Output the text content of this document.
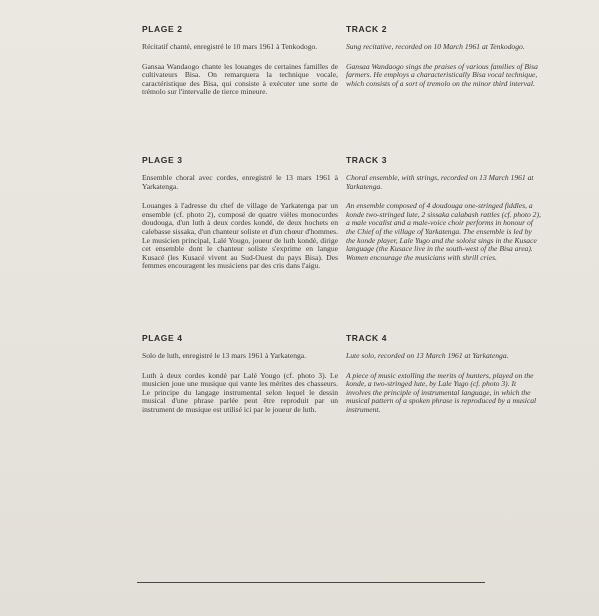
PLAGE 2

Récitatif chanté, enregistré le 10 mars 1961 à Tenkodogo.

Gansaa Wandaogo chante les louanges de certaines familles de cultivateurs Bisa. On remarquera la technique vocale, caractéristique des Bisa, qui consiste à exécuter une sorte de trémolo sur l'intervalle de tierce mineure.

TRACK 2

Sung recitative, recorded on 10 March 1961 at Tenkodogo.

Gansaa Wandaogo sings the praises of various families of Bisa farmers. He employs a characteristically Bisa vocal technique, which consists of a sort of tremolo on the minor third interval.

PLAGE 3

Ensemble choral avec cordes, enregistré le 13 mars 1961 à Yarkatenga.

Louanges à l'adresse du chef de village de Yarkatenga par un ensemble (cf. photo 2), composé de quatre vièles monocordes doudouga, d'un luth à deux cordes kondé, de deux hochets en calebasse sissaka, d'un chanteur soliste et d'un chœur d'hommes. Le musicien principal, Lalé Yougo, joueur de luth kondé, dirige cet ensemble dont le chanteur soliste s'exprime en langue Kusacé (les Kusacé vivent au Sud-Ouest du pays Bisa). Des femmes encouragent les musiciens par des cris dans l'aigu.

TRACK 3

Choral ensemble, with strings, recorded on 13 March 1961 at Yarkatenga.

An ensemble composed of 4 doudouga one-stringed fiddles, a konde two-stringed lute, 2 sissaka calabash rattles (cf. photo 2), a male vocalist and a male-voice choir performs in honour of the Chief of the village of Yarkatenga. The ensemble is led by the konde player, Lale Yugo and the soloist sings in the Kusace language (the Kusace live in the south-west of the Bisa area). Women encourage the musicians with shrill cries.

PLAGE 4

Solo de luth, enregistré le 13 mars 1961 à Yarkatenga.

Luth à deux cordes kondé par Lalé Yougo (cf. photo 3). Le musicien joue une musique qui vante les mérites des chasseurs. Le principe du langage instrumental selon lequel le dessin musical d'une phrase parlée peut être reproduit par un instrument de musique est utilisé ici par le joueur de luth.

TRACK 4

Lute solo, recorded on 13 March 1961 at Yarkatenga.

A piece of music extolling the merits of hunters, played on the konde, a two-stringed lute, by Lale Yugo (cf. photo 3). It involves the principle of instrumental language, in which the musical pattern of a spoken phrase is reproduced by a musical instrument.
